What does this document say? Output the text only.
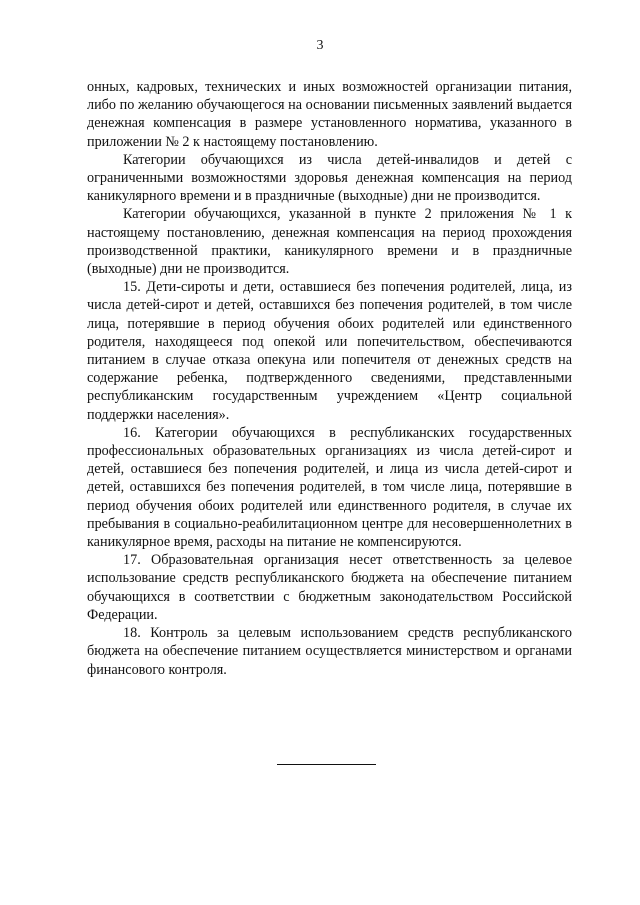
3

онных, кадровых, технических и иных возможностей организации питания, либо по желанию обучающегося на основании письменных заявлений выдается денежная компенсация в размере установленного норматива, указанного в приложении № 2 к настоящему постановлению.

Категории обучающихся из числа детей-инвалидов и детей с ограниченными возможностями здоровья денежная компенсация на период каникулярного времени и в праздничные (выходные) дни не производится.

Категории обучающихся, указанной в пункте 2 приложения № 1 к настоящему постановлению, денежная компенсация на период прохождения производственной практики, каникулярного времени и в праздничные (выходные) дни не производится.

15. Дети-сироты и дети, оставшиеся без попечения родителей, лица, из числа детей-сирот и детей, оставшихся без попечения родителей, в том числе лица, потерявшие в период обучения обоих родителей или единственного родителя, находящееся под опекой или попечительством, обеспечиваются питанием в случае отказа опекуна или попечителя от денежных средств на содержание ребенка, подтвержденного сведениями, представленными республиканским государственным учреждением «Центр социальной поддержки населения».

16. Категории обучающихся в республиканских государственных профессиональных образовательных организациях из числа детей-сирот и детей, оставшиеся без попечения родителей, и лица из числа детей-сирот и детей, оставшихся без попечения родителей, в том числе лица, потерявшие в период обучения обоих родителей или единственного родителя, в случае их пребывания в социально-реабилитационном центре для несовершеннолетних в каникулярное время, расходы на питание не компенсируются.

17. Образовательная организация несет ответственность за целевое использование средств республиканского бюджета на обеспечение питанием обучающихся в соответствии с бюджетным законодательством Российской Федерации.

18. Контроль за целевым использованием средств республиканского бюджета на обеспечение питанием осуществляется министерством и органами финансового контроля.
